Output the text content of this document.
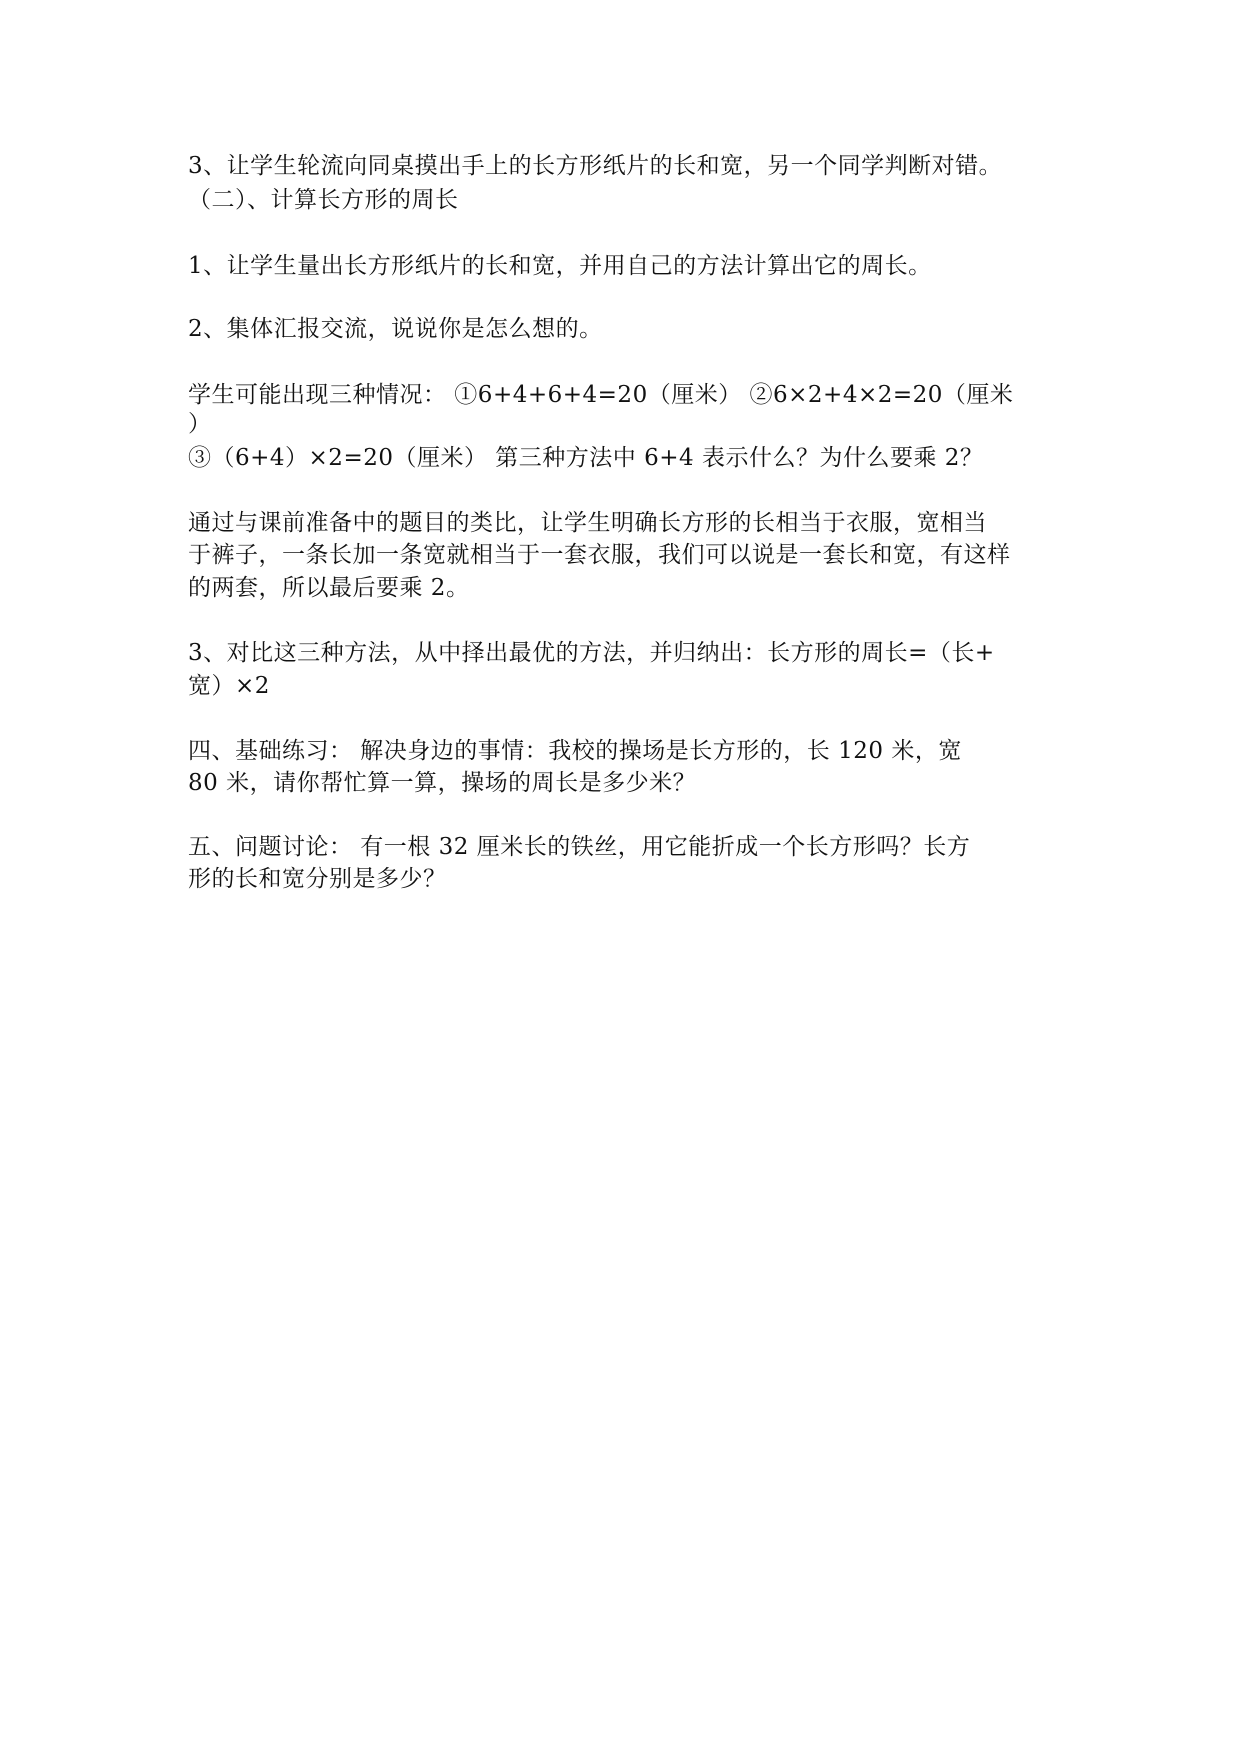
3、让学生轮流向同桌摸出手上的长方形纸片的长和宽，另一个同学判断对错。
（二）、计算长方形的周长
1、让学生量出长方形纸片的长和宽，并用自己的方法计算出它的周长。
2、集体汇报交流，说说你是怎么想的。
学生可能出现三种情况： ①6+4+6+4=20（厘米） ②6×2+4×2=20（厘米
）
③（6+4）×2=20（厘米） 第三种方法中 6+4 表示什么？为什么要乘 2？
通过与课前准备中的题目的类比，让学生明确长方形的长相当于衣服，宽相当
于裤子，一条长加一条宽就相当于一套衣服，我们可以说是一套长和宽，有这样
的两套，所以最后要乘 2。
3、对比这三种方法，从中择出最优的方法，并归纳出：长方形的周长=（长+
宽）×2
四、基础练习： 解决身边的事情：我校的操场是长方形的，长 120 米，宽
80 米，请你帮忙算一算，操场的周长是多少米？
五、问题讨论： 有一根 32 厘米长的铁丝，用它能折成一个长方形吗？长方
形的长和宽分别是多少？
